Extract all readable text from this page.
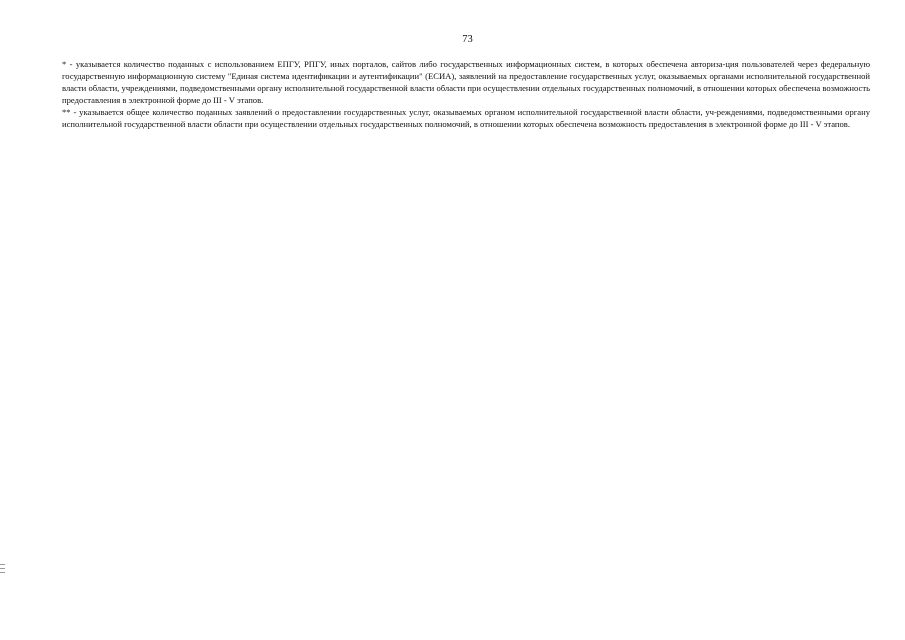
73

* - указывается количество поданных с использованием ЕПГУ, РПГУ, иных порталов, сайтов либо государственных информационных систем, в которых обеспечена авториза-ция пользователей через федеральную государственную информационную систему "Единая система идентификации и аутентификации" (ЕСИА), заявлений на предоставление государственных услуг, оказываемых органами исполнительной государственной власти области, учреждениями, подведомственными органу исполнительной государственной власти области при осуществлении отдельных государственных полномочий, в отношении которых обеспечена возможность предоставления в электронной форме до III - V этапов.

** - указывается общее количество поданных заявлений о предоставлении государственных услуг, оказываемых органом исполнительной государственной власти области, уч-реждениями, подведомственными органу исполнительной государственной власти области при осуществлении отдельных государственных полномочий, в отношении которых обеспечена возможность предоставления в электронной форме до III - V этапов.
